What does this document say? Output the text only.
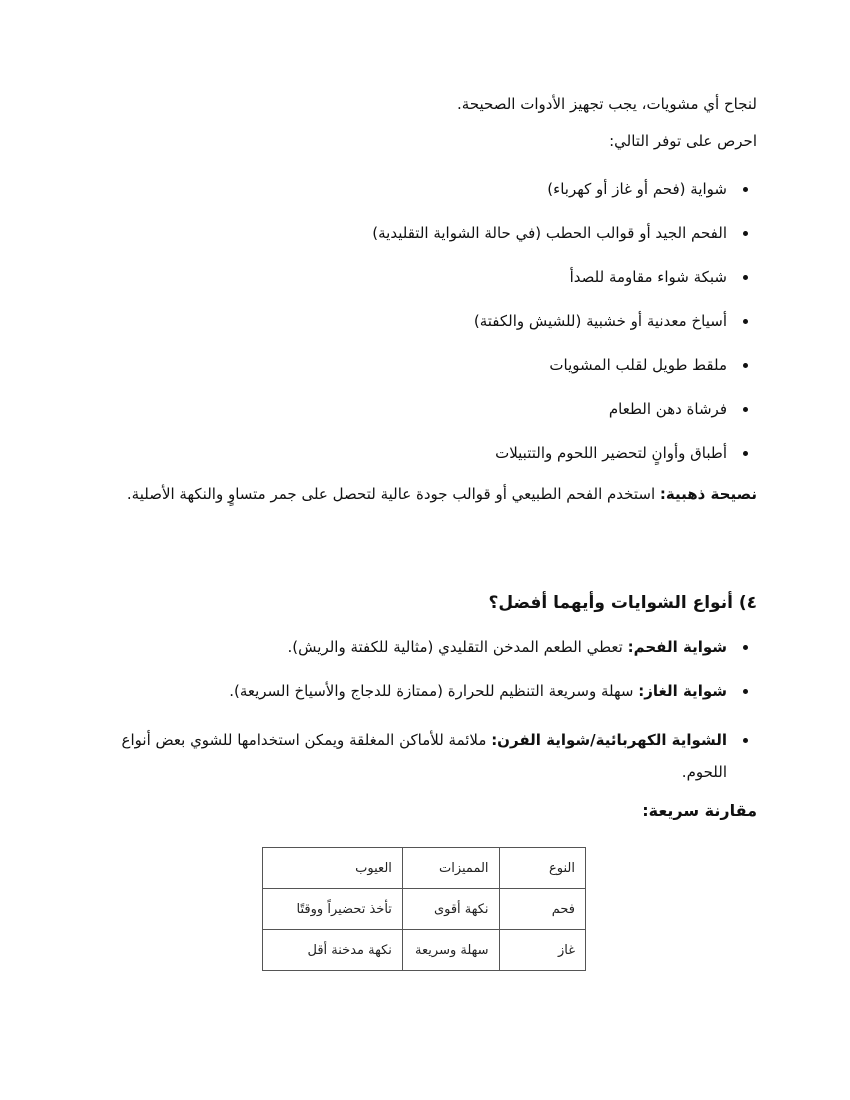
لنجاح أي مشويات، يجب تجهيز الأدوات الصحيحة.
احرص على توفر التالي:
شواية (فحم أو غاز أو كهرباء)
الفحم الجيد أو قوالب الحطب (في حالة الشواية التقليدية)
شبكة شواء مقاومة للصدأ
أسياخ معدنية أو خشبية (للشيش والكفتة)
ملقط طويل لقلب المشويات
فرشاة دهن الطعام
أطباق وأوانٍ لتحضير اللحوم والتتبيلات
نصيحة ذهبية: استخدم الفحم الطبيعي أو قوالب جودة عالية لتحصل على جمر متساوٍ والنكهة الأصلية.
٤) أنواع الشوايات وأيهما أفضل؟
شواية الفحم: تعطي الطعم المدخن التقليدي (مثالية للكفتة والريش).
شواية الغاز: سهلة وسريعة التنظيم للحرارة (ممتازة للدجاج والأسياخ السريعة).
الشواية الكهربائية/شواية الفرن: ملائمة للأماكن المغلقة ويمكن استخدامها للشوي بعض أنواع اللحوم.
مقارنة سريعة:
النوع	المميزات	العيوب
فحم	نكهة أقوى	تأخذ تحضيراً ووقتًا
غاز	سهلة وسريعة	نكهة مدخنة أقل
